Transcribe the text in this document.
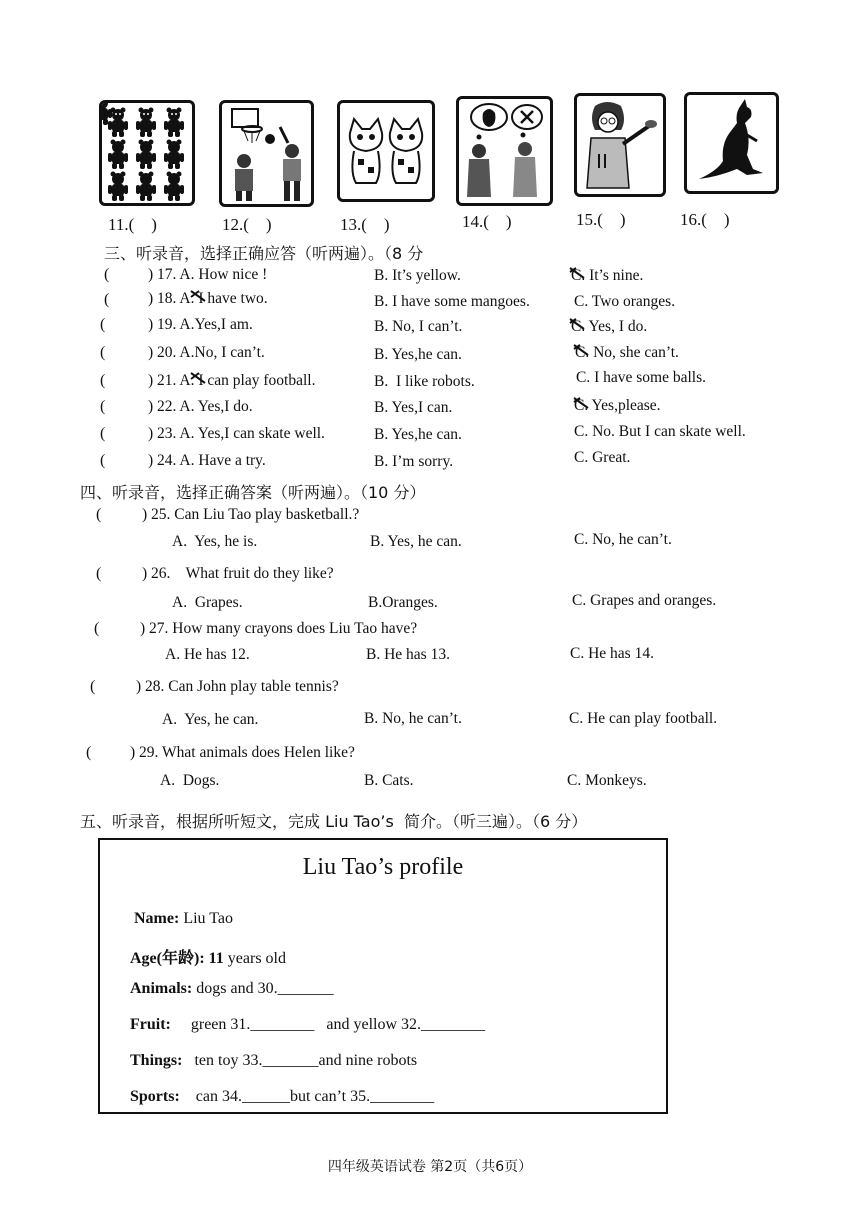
11.(    )	12.(    )	13.(    )	14.(    )	15.(    )	16.(    )
三、听录音，选择正确应答（听两遍）。（8 分
( ) 17. A. How nice !	B. It’s yellow.	C. It’s nine.
( ) 18. A. I have two.	B. I have some mangoes.	C. Two oranges.
(	) 19. A.Yes,I am.	B. No, I can’t.	C. Yes, I do.
(	) 20. A.No, I can’t.	B. Yes,he can.	C. No, she can’t.
(	) 21. A. I can play football.	B.  I like robots.	C. I have some balls.
(	) 22. A. Yes,I do.	B. Yes,I can.	C. Yes,please.
(	) 23. A. Yes,I can skate well.	B. Yes,he can.	C. No. But I can skate well.
(	) 24. A. Have a try.	B. I’m sorry.	C. Great.
四、听录音，选择正确答案（听两遍）。（10 分）
(	) 25. Can Liu Tao play basketball.?
A.  Yes, he is.	B. Yes, he can.	C. No, he can’t.
(	) 26.    What fruit do they like?
A.  Grapes.	B.Oranges.	C. Grapes and oranges.
(	) 27. How many crayons does Liu Tao have?
A. He has 12.	B. He has 13.	C. He has 14.
(	) 28. Can John play table tennis?
A.  Yes, he can.	B. No, he can’t.	C. He can play football.
( ) 29. What animals does Helen like?
A.  Dogs.	B. Cats.	C. Monkeys.
五、听录音，根据所听短文，完成 Liu Tao’s  简介。（听三遍）。（6 分）
Liu Tao’s profile

Name: Liu Tao

Age(年龄): 11 years old

Animals: dogs and 30._______

Fruit:     green 31.________   and yellow 32.________

Things:   ten toy 33._______and nine robots

Sports:    can 34.______but can’t 35.________

四年级英语试卷 第2页（共6页）
